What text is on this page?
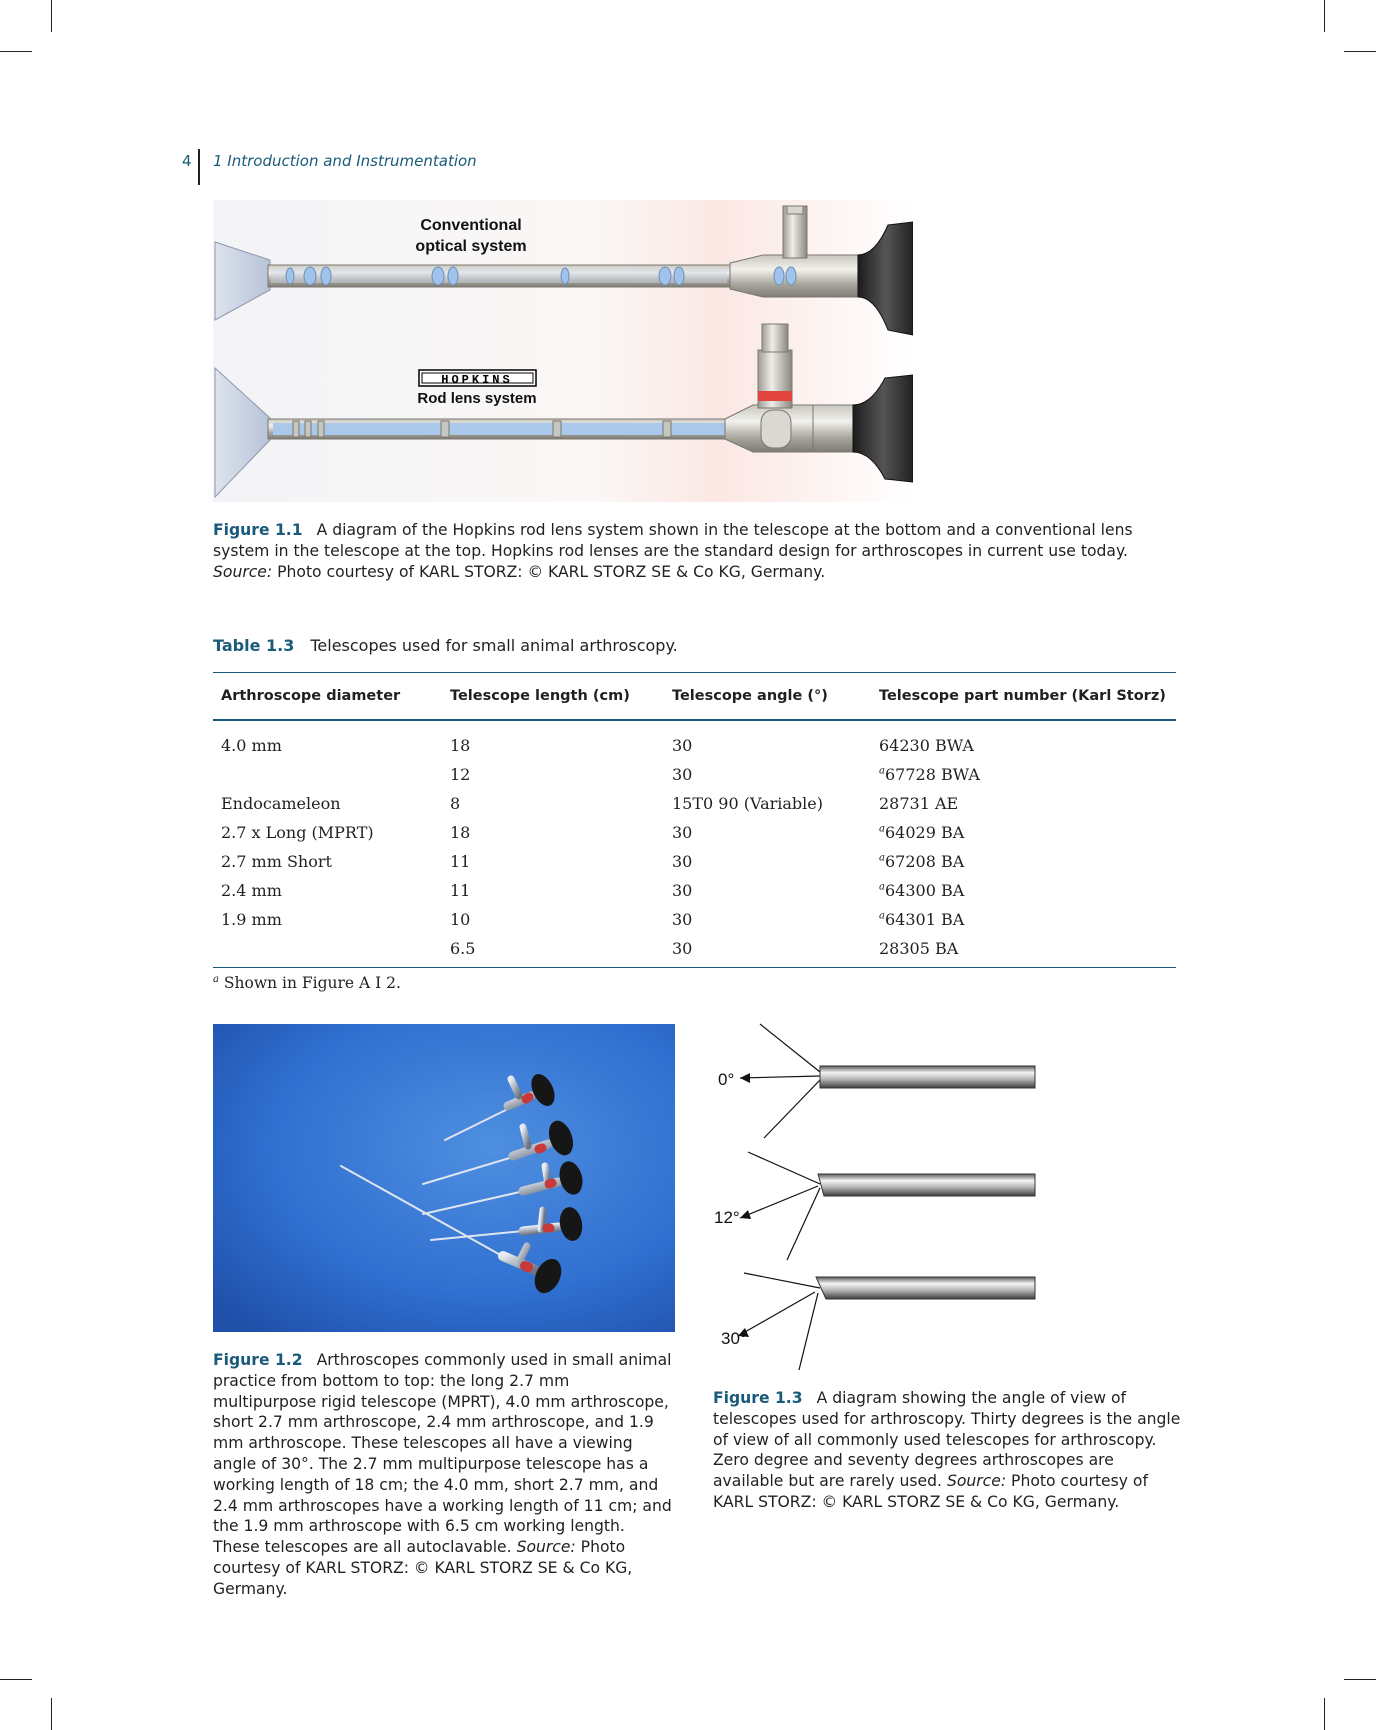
4 1 Introduction and Instrumentation
Conventional
optical system
HOPKINS
Rod lens system
Figure 1.1 A diagram of the Hopkins rod lens system shown in the telescope at the bottom and a conventional lens system in the telescope at the top. Hopkins rod lenses are the standard design for arthroscopes in current use today. Source: Photo courtesy of KARL STORZ: © KARL STORZ SE & Co KG, Germany.
Table 1.3 Telescopes used for small animal arthroscopy.
Arthroscope diameter	Telescope length (cm)	Telescope angle (°)	Telescope part number (Karl Storz)
4.0 mm	18	30	64230 BWA
	12	30	$^a$67728 BWA
Endocameleon	8	15T0 90 (Variable)	28731 AE
2.7 x Long (MPRT)	18	30	$^a$64029 BA
2.7 mm Short	11	30	$^a$67208 BA
2.4 mm	11	30	$^a$64300 BA
1.9 mm	10	30	$^a$64301 BA
	6.5	30	28305 BA
$^a$ Shown in Figure A I 2.
Figure 1.2 Arthroscopes commonly used in small animal practice from bottom to top: the long 2.7 mm multipurpose rigid telescope (MPRT), 4.0 mm arthroscope, short 2.7 mm arthroscope, 2.4 mm arthroscope, and 1.9 mm arthroscope. These telescopes all have a viewing angle of 30°. The 2.7 mm multipurpose telescope has a working length of 18 cm; the 4.0 mm, short 2.7 mm, and 2.4 mm arthroscopes have a working length of 11 cm; and the 1.9 mm arthroscope with 6.5 cm working length. These telescopes are all autoclavable. Source: Photo courtesy of KARL STORZ: © KARL STORZ SE & Co KG, Germany.
0°
12°
30°
Figure 1.3 A diagram showing the angle of view of telescopes used for arthroscopy. Thirty degrees is the angle of view of all commonly used telescopes for arthroscopy. Zero degree and seventy degrees arthroscopes are available but are rarely used. Source: Photo courtesy of KARL STORZ: © KARL STORZ SE & Co KG, Germany.
